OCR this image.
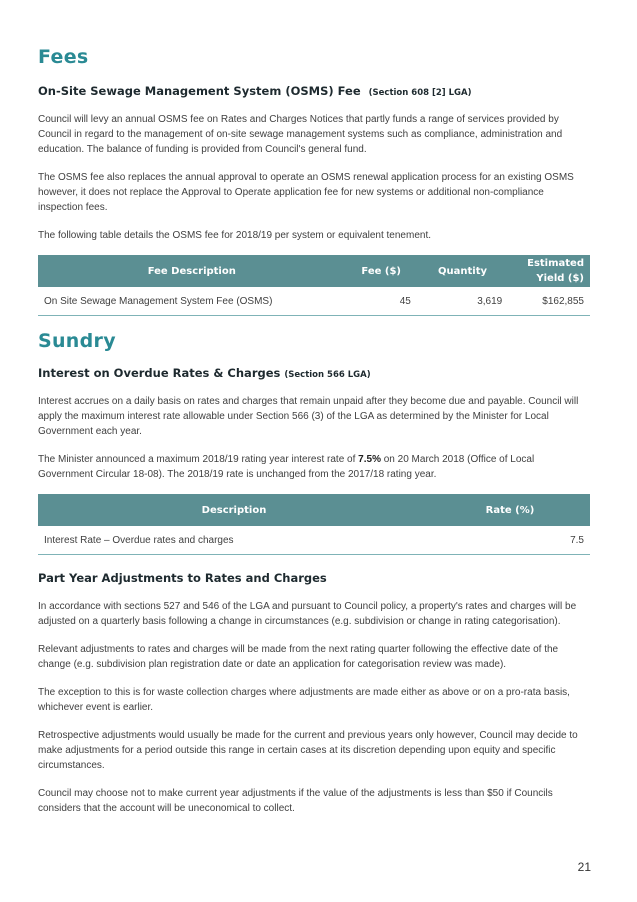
Fees
On-Site Sewage Management System (OSMS) Fee (Section 608 [2] LGA)

Council will levy an annual OSMS fee on Rates and Charges Notices that partly funds a range of services provided by Council in regard to the management of on-site sewage management systems such as compliance, administration and education. The balance of funding is provided from Council's general fund.

The OSMS fee also replaces the annual approval to operate an OSMS renewal application process for an existing OSMS however, it does not replace the Approval to Operate application fee for new systems or additional non-compliance inspection fees.

The following table details the OSMS fee for 2018/19 per system or equivalent tenement.

Fee Description	Fee ($)	Quantity	Estimated Yield ($)
On Site Sewage Management System Fee (OSMS)	45	3,619	$162,855
Sundry
Interest on Overdue Rates & Charges (Section 566 LGA)

Interest accrues on a daily basis on rates and charges that remain unpaid after they become due and payable. Council will apply the maximum interest rate allowable under Section 566 (3) of the LGA as determined by the Minister for Local Government each year.

The Minister announced a maximum 2018/19 rating year interest rate of 7.5% on 20 March 2018 (Office of Local Government Circular 18-08). The 2018/19 rate is unchanged from the 2017/18 rating year.

Description	Rate (%)
Interest Rate – Overdue rates and charges	7.5
Part Year Adjustments to Rates and Charges

In accordance with sections 527 and 546 of the LGA and pursuant to Council policy, a property's rates and charges will be adjusted on a quarterly basis following a change in circumstances (e.g. subdivision or change in rating categorisation).

Relevant adjustments to rates and charges will be made from the next rating quarter following the effective date of the change (e.g. subdivision plan registration date or date an application for categorisation review was made).

The exception to this is for waste collection charges where adjustments are made either as above or on a pro-rata basis, whichever event is earlier.

Retrospective adjustments would usually be made for the current and previous years only however, Council may decide to make adjustments for a period outside this range in certain cases at its discretion depending upon equity and specific circumstances.

Council may choose not to make current year adjustments if the value of the adjustments is less than $50 if Councils considers that the account will be uneconomical to collect.

21
